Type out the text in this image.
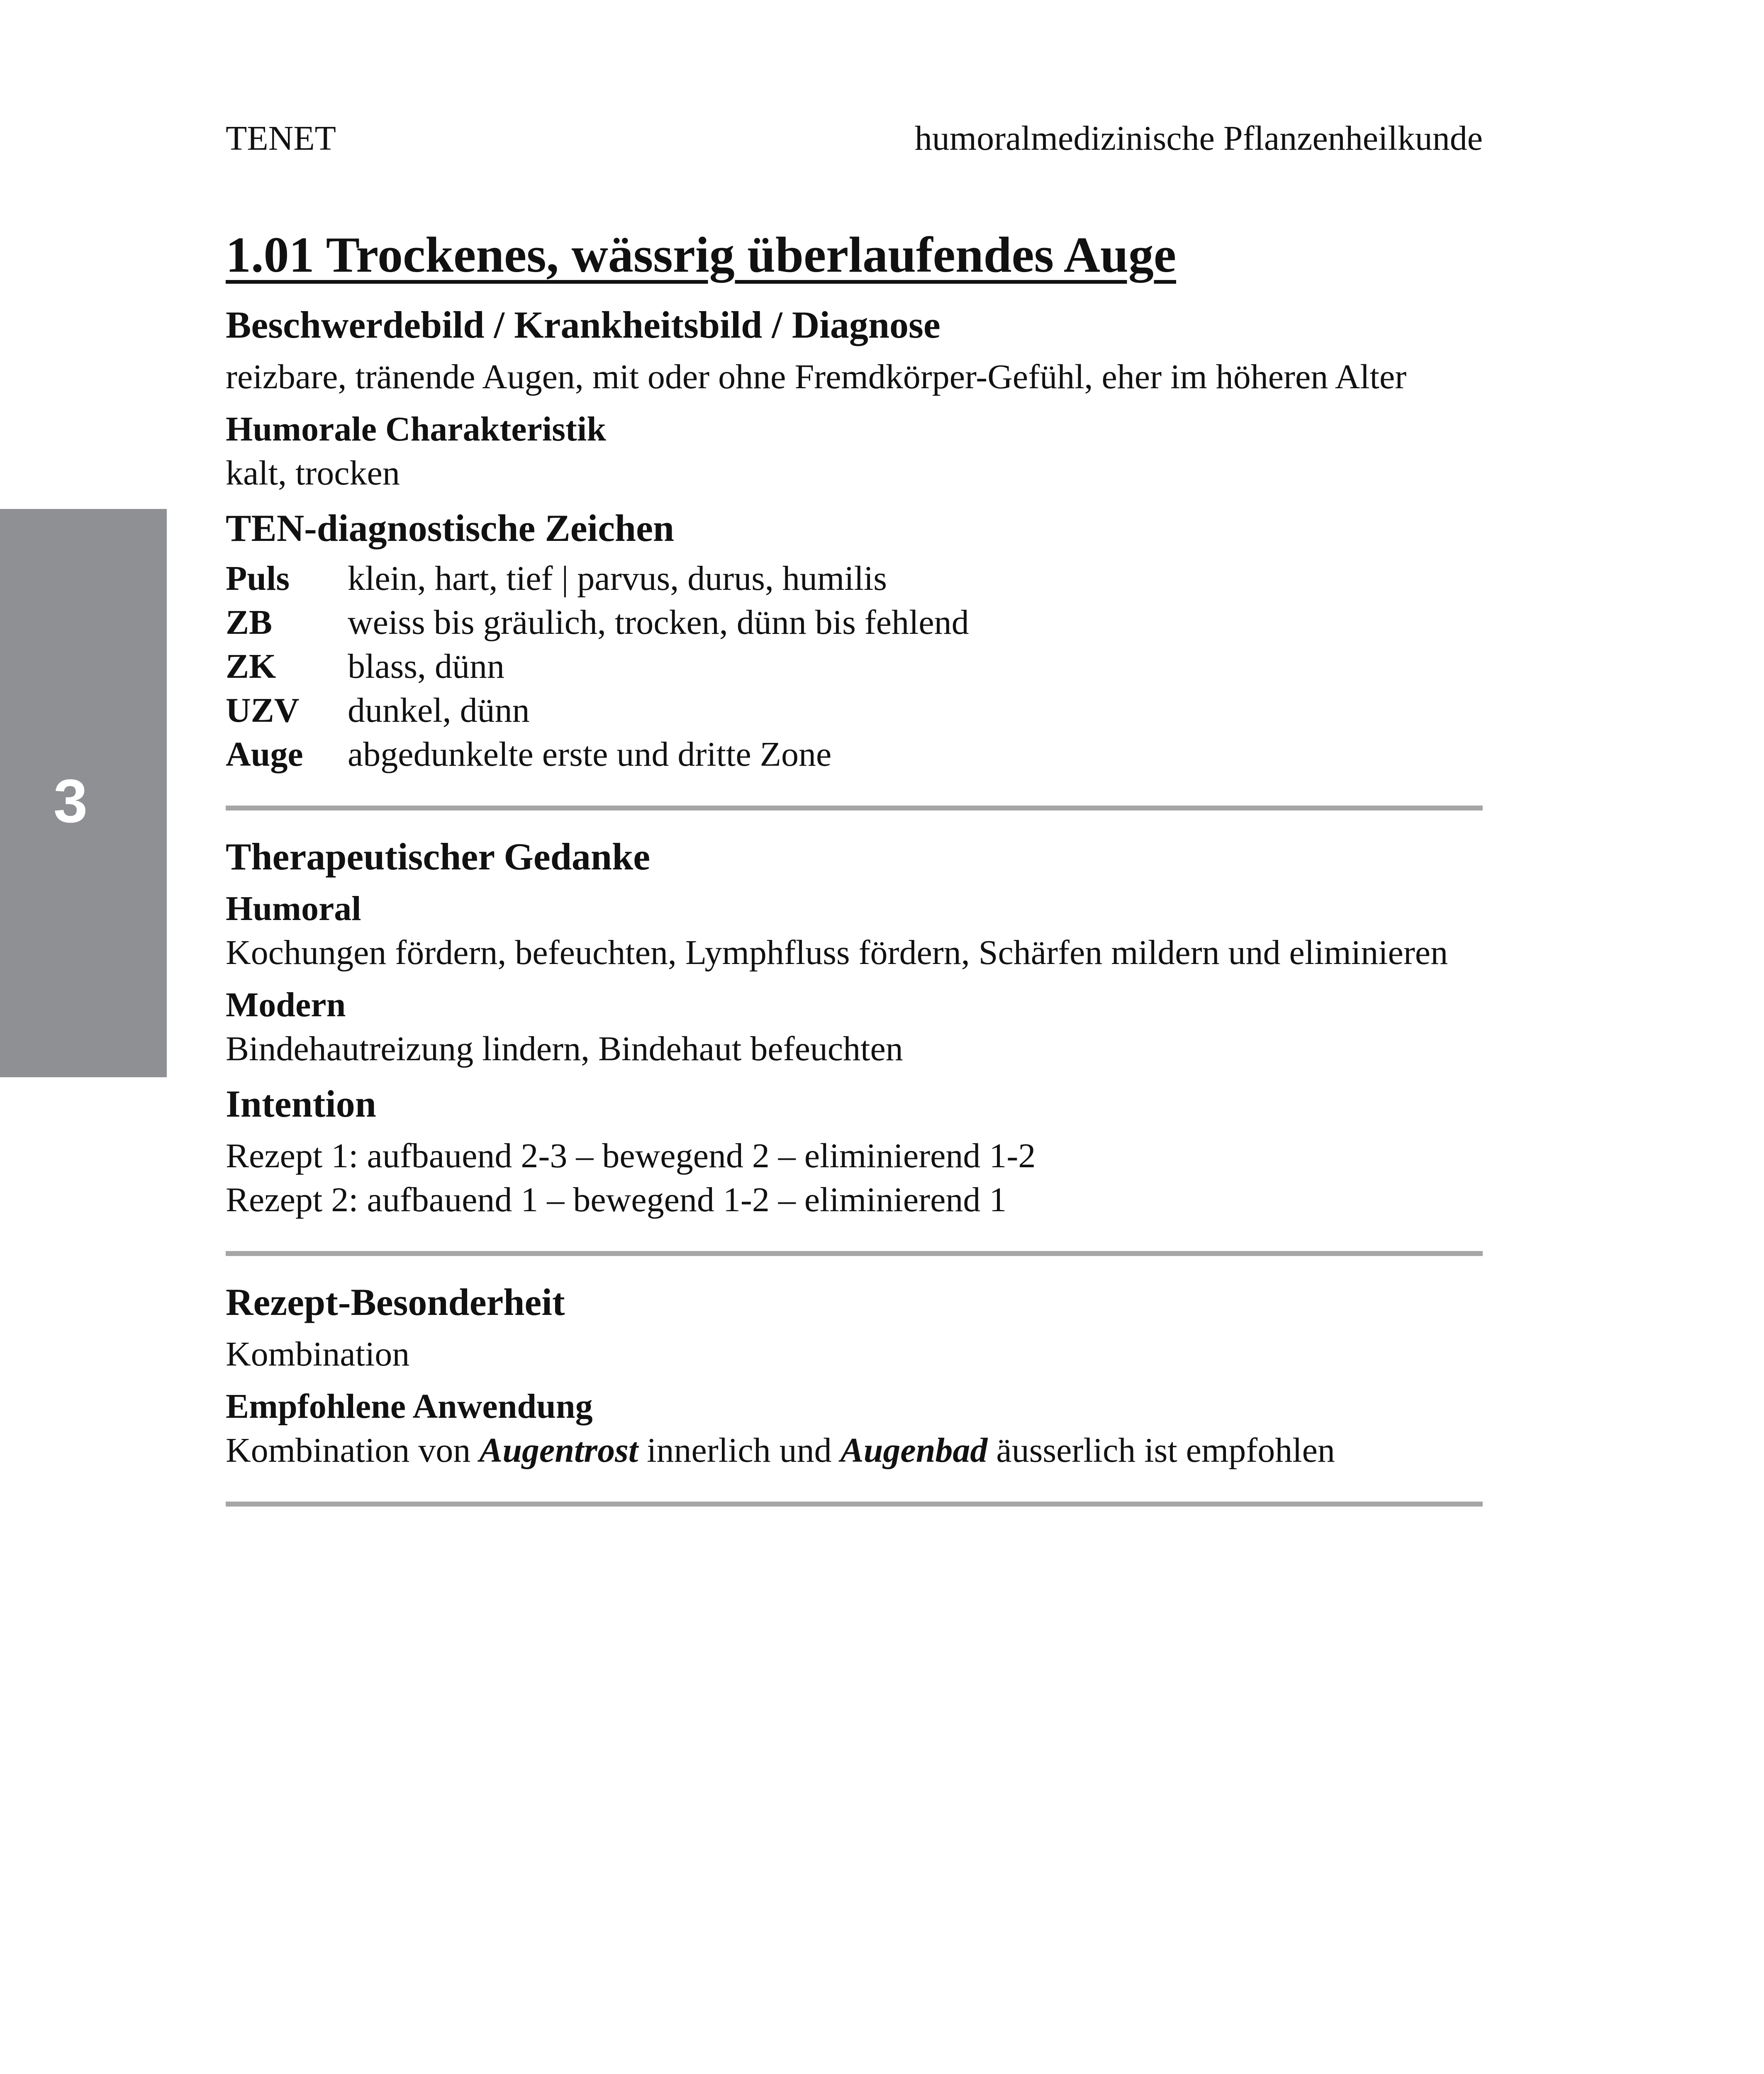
TENET	humoralmedizinische Pflanzenheilkunde
3
1.01 Trockenes, wässrig überlaufendes Auge
Beschwerdebild / Krankheitsbild / Diagnose
reizbare, tränende Augen, mit oder ohne Fremdkörper-Gefühl, eher im höheren Alter
Humorale Charakteristik
kalt, trocken
TEN-diagnostische Zeichen
Puls	klein, hart, tief | parvus, durus, humilis
ZB	weiss bis gräulich, trocken, dünn bis fehlend
ZK	blass, dünn
UZV	dunkel, dünn
Auge	abgedunkelte erste und dritte Zone
Therapeutischer Gedanke
Humoral
Kochungen fördern, befeuchten, Lymphfluss fördern, Schärfen mildern und eliminieren
Modern
Bindehautreizung lindern, Bindehaut befeuchten
Intention
Rezept 1: aufbauend 2-3 – bewegend 2 – eliminierend 1-2
Rezept 2: aufbauend 1 – bewegend 1-2 – eliminierend 1
Rezept-Besonderheit
Kombination
Empfohlene Anwendung
Kombination von Augentrost innerlich und Augenbad äusserlich ist empfohlen
